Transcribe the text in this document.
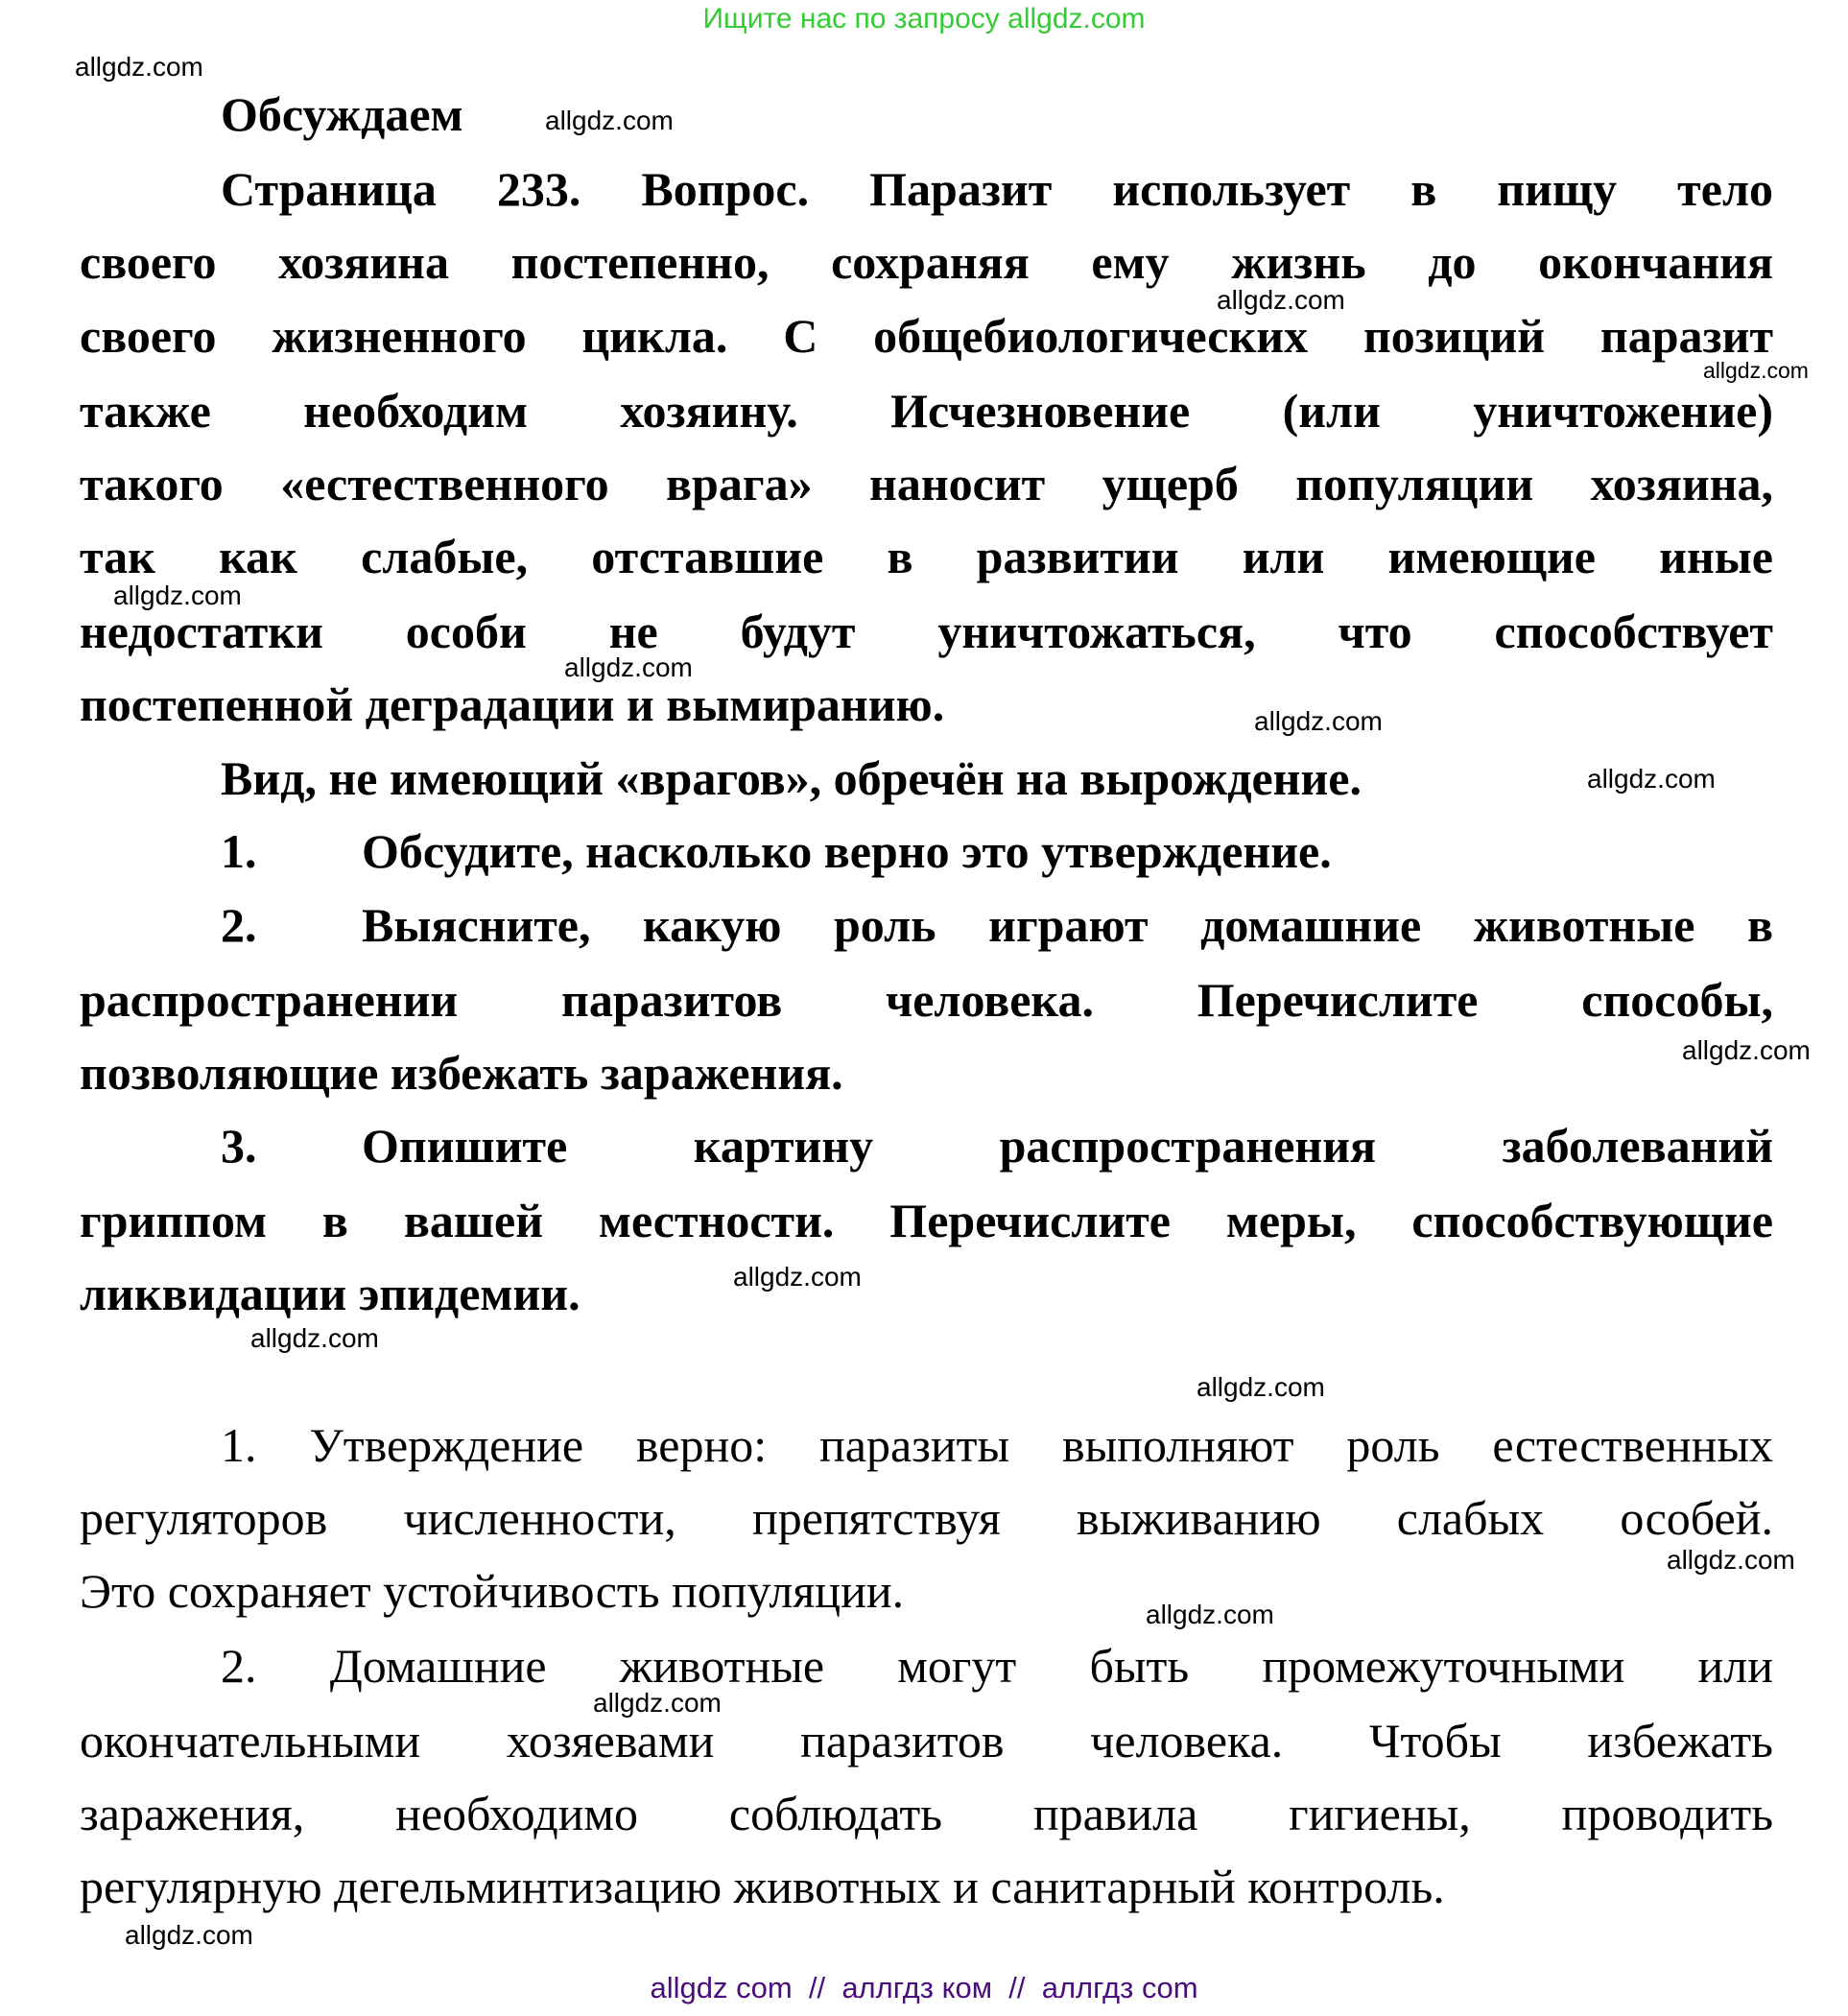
Ищите нас по запросу allgdz.com
Обсуждаем
Страница 233. Вопрос. Паразит использует в пищу тело
своего хозяина постепенно, сохраняя ему жизнь до окончания
своего жизненного цикла. С общебиологических позиций паразит
также необходим хозяину. Исчезновение (или уничтожение)
такого «естественного врага» наносит ущерб популяции хозяина,
так как слабые, отставшие в развитии или имеющие иные
недостатки особи не будут уничтожаться, что способствует
постепенной деградации и вымиранию.
Вид, не имеющий «врагов», обречён на вырождение.
1. Обсудите, насколько верно это утверждение.
2. Выясните, какую роль играют домашние животные в
распространении паразитов человека. Перечислите способы,
позволяющие избежать заражения.
3. Опишите картину распространения заболеваний
гриппом в вашей местности. Перечислите меры, способствующие
ликвидации эпидемии.
1. Утверждение верно: паразиты выполняют роль естественных
регуляторов численности, препятствуя выживанию слабых особей.
Это сохраняет устойчивость популяции.
2. Домашние животные могут быть промежуточными или
окончательными хозяевами паразитов человека. Чтобы избежать
заражения, необходимо соблюдать правила гигиены, проводить
регулярную дегельминтизацию животных и санитарный контроль.
allgdz.com
allgdz.com
allgdz.com
allgdz.com
allgdz.com
allgdz.com
allgdz.com
allgdz.com
allgdz.com
allgdz.com
allgdz.com
allgdz.com
allgdz.com
allgdz.com
allgdz.com
allgdz.com
allgdz com  //  аллгдз ком  //  аллгдз com
